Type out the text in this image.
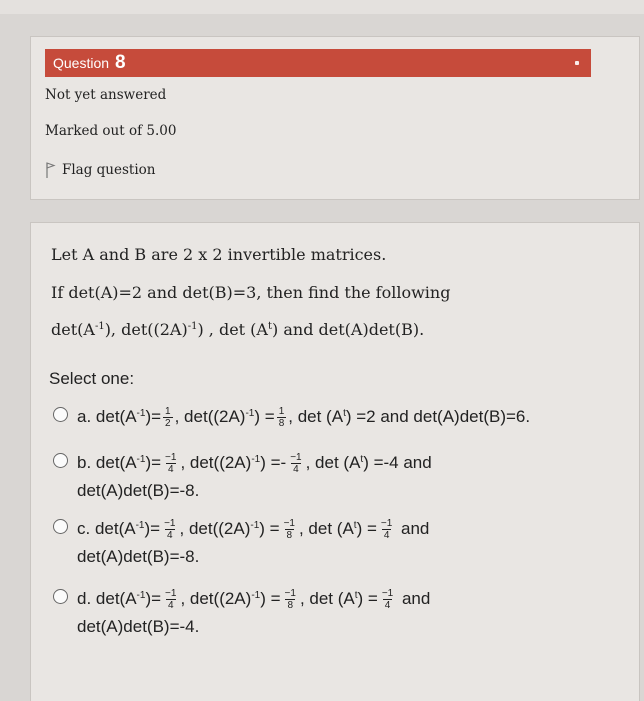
Question 8
Not yet answered
Marked out of 5.00
Flag question
Let A and B are 2 x 2 invertible matrices.
If det(A)=2 and det(B)=3, then find the following
$\det(A^{-1})$, $\det((2A)^{-1})$ , $\det (A^t)$ and det(A)det(B).
Select one:
a. $\det(A^{-1})= \frac{1}{2}$ , $\det((2A)^{-1}) = \frac{1}{8}$ , $\det (A^t) =2$ and det(A)det(B)=6.
b. $\det(A^{-1})= \frac{-1}{4}$ , $\det((2A)^{-1}) =- \frac{-1}{4}$ , $\det (A^t) =-4$ and
det(A)det(B)=-8.
c. $\det(A^{-1})= \frac{-1}{4}$ , $\det((2A)^{-1}) = \frac{-1}{8}$ , $\det (A^t) = \frac{-1}{4}$ and
det(A)det(B)=-8.
d. $\det(A^{-1})= \frac{-1}{4}$ , $\det((2A)^{-1}) = \frac{-1}{8}$ , $\det (A^t) = \frac{-1}{4}$ and
det(A)det(B)=-4.
